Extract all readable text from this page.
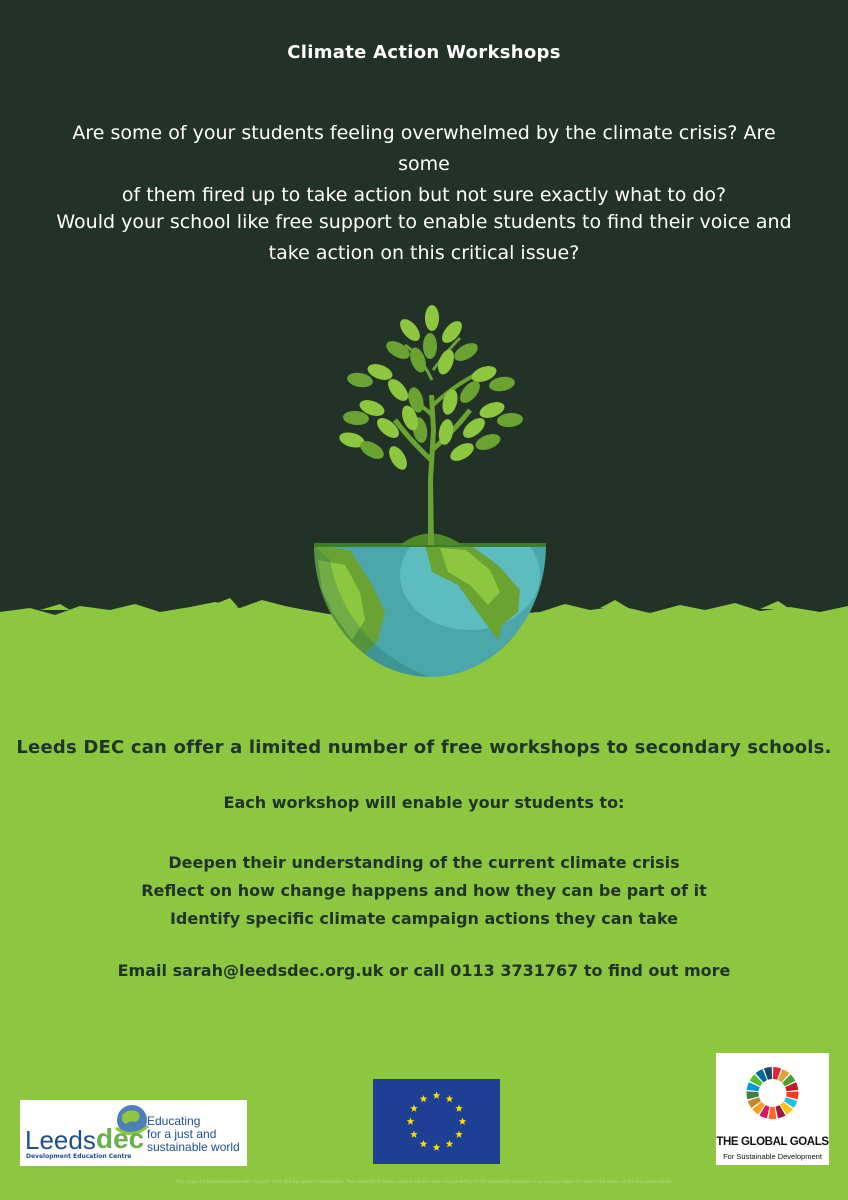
Climate Action Workshops

Are some of your students feeling overwhelmed by the climate crisis? Are some

of them fired up to take action but not sure exactly what to do?

Would your school like free support to enable students to find their voice and

take action on this critical issue?

Leeds DEC can offer a limited number of free workshops to secondary schools.
Each workshop will enable your students to:

Deepen their understanding of the current climate crisis

Reflect on how change happens and how they can be part of it

Identify specific climate campaign actions they can take

Email sarah@leedsdec.org.uk or call 0113 3731767 to find out more
Leeds dec
Development Education Centre
Educating
for a just and
sustainable world	THE GLOBAL GOALS
For Sustainable Development
This project has been funded with support from the European Commission. The contents of these actions are the sole responsibility of the contractor and can in no way be taken to reflect the views of the European Union.
